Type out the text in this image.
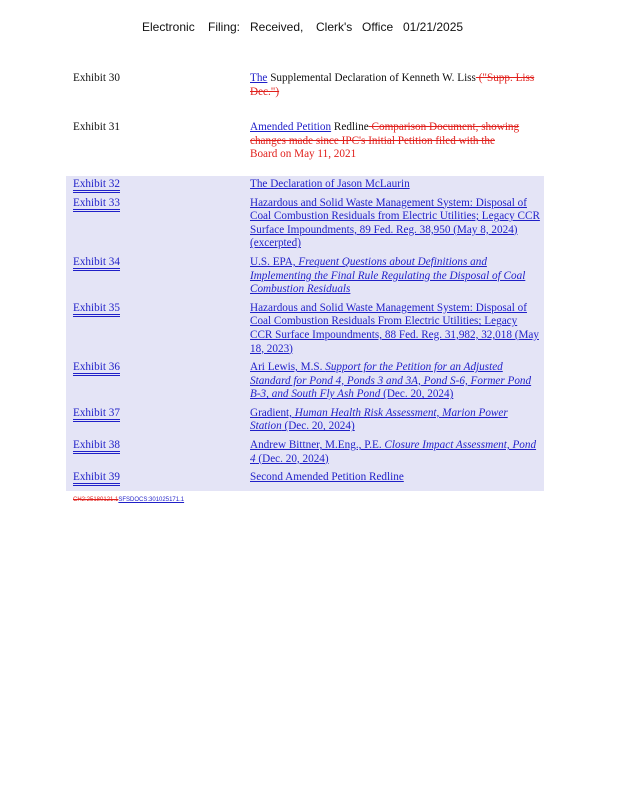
Electronic Filing: Received, Clerk's Office 01/21/2025
Exhibit 30	The Supplemental Declaration of Kenneth W. Liss ("Supp. Liss Dec.")
Exhibit 31	Amended Petition Redline Comparison Document, showing changes made since IPC's Initial Petition filed with the
Board on May 11, 2021
Exhibit 32	The Declaration of Jason McLaurin
Exhibit 33	Hazardous and Solid Waste Management System: Disposal of Coal Combustion Residuals from Electric Utilities; Legacy CCR Surface Impoundments, 89 Fed. Reg. 38,950 (May 8, 2024) (excerpted)
Exhibit 34	U.S. EPA, Frequent Questions about Definitions and Implementing the Final Rule Regulating the Disposal of Coal Combustion Residuals
Exhibit 35	Hazardous and Solid Waste Management System: Disposal of Coal Combustion Residuals From Electric Utilities; Legacy CCR Surface Impoundments, 88 Fed. Reg. 31,982, 32,018 (May 18, 2023)
Exhibit 36	Ari Lewis, M.S. Support for the Petition for an Adjusted Standard for Pond 4, Ponds 3 and 3A, Pond S-6, Former Pond B-3, and South Fly Ash Pond (Dec. 20, 2024)
Exhibit 37	Gradient, Human Health Risk Assessment, Marion Power Station (Dec. 20, 2024)
Exhibit 38	Andrew Bittner, M.Eng., P.E. Closure Impact Assessment, Pond 4 (Dec. 20, 2024)
Exhibit 39	Second Amended Petition Redline
CH2:25180121.1SFSDOCS:301025171.1
